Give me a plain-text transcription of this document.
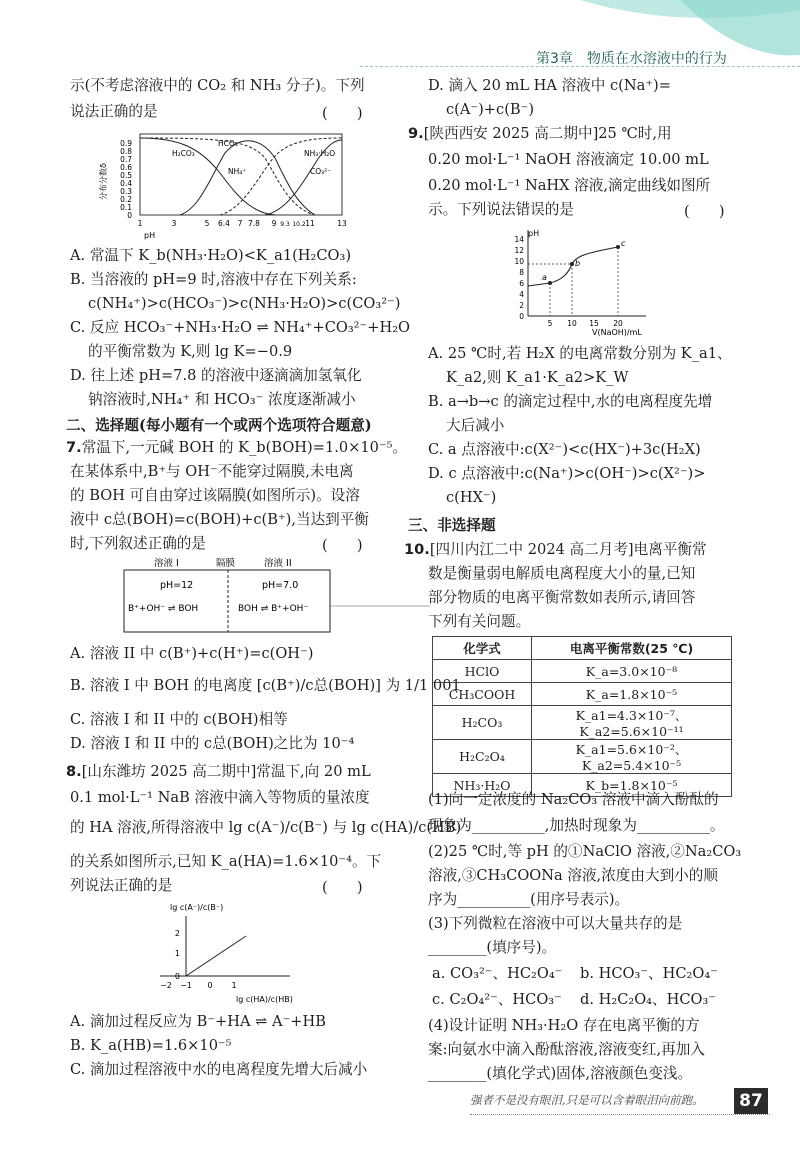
第3章　物质在水溶液中的行为
示(不考虑溶液中的 CO₂ 和 NH₃ 分子)。下列
说法正确的是	(　　)
分布分数δ
0
0.1
0.2
0.3
0.4
0.5
0.6
0.7
0.8
0.9
H₂CO₃
HCO₃⁻
NH₄⁺
NH₃·H₂O
CO₃²⁻
1	3	5 6.4 7 7.8 9 9.3 10.2 11	13
pH
A. 常温下 K_b(NH₃·H₂O)<K_a1(H₂CO₃)
B. 当溶液的 pH=9 时,溶液中存在下列关系:
c(NH₄⁺)>c(HCO₃⁻)>c(NH₃·H₂O)>c(CO₃²⁻)
C. 反应 HCO₃⁻+NH₃·H₂O ⇌ NH₄⁺+CO₃²⁻+H₂O
的平衡常数为 K,则 lg K=−0.9
D. 往上述 pH=7.8 的溶液中逐滴滴加氢氧化
钠溶液时,NH₄⁺ 和 HCO₃⁻ 浓度逐渐减小
二、选择题(每小题有一个或两个选项符合题意)
7.常温下,一元碱 BOH 的 K_b(BOH)=1.0×10⁻⁵。
在某体系中,B⁺与 OH⁻不能穿过隔膜,未电离
的 BOH 可自由穿过该隔膜(如图所示)。设溶
液中 c总(BOH)=c(BOH)+c(B⁺),当达到平衡
时,下列叙述正确的是	(　　)
溶液 I	隔膜	溶液 II
pH=12	pH=7.0
B⁺+OH⁻ ⇌ BOH	BOH ⇌ B⁺+OH⁻
A. 溶液 II 中 c(B⁺)+c(H⁺)=c(OH⁻)
B. 溶液 I 中 BOH 的电离度 [c(B⁺)/c总(BOH)] 为 1/1 001
C. 溶液 I 和 II 中的 c(BOH)相等
D. 溶液 I 和 II 中的 c总(BOH)之比为 10⁻⁴
8.[山东潍坊 2025 高二期中]常温下,向 20 mL
0.1 mol·L⁻¹ NaB 溶液中滴入等物质的量浓度
的 HA 溶液,所得溶液中 lg c(A⁻)/c(B⁻) 与 lg c(HA)/c(HB)
的关系如图所示,已知 K_a(HA)=1.6×10⁻⁴。下
列说法正确的是	(　　)
lg c(A⁻)/c(B⁻)
0
1
2
−2 −1 0 1
lg c(HA)/c(HB)
A. 滴加过程反应为 B⁻+HA ⇌ A⁻+HB
B. K_a(HB)=1.6×10⁻⁵
C. 滴加过程溶液中水的电离程度先增大后减小
D. 滴入 20 mL HA 溶液中 c(Na⁺)=
c(A⁻)+c(B⁻)
9.[陕西西安 2025 高二期中]25 ℃时,用
0.20 mol·L⁻¹ NaOH 溶液滴定 10.00 mL
0.20 mol·L⁻¹ NaHX 溶液,滴定曲线如图所
示。下列说法错误的是	(　　)
pH
0
2
4
6
8
10
12
14
5 10 15 20
a
b
c
V(NaOH)/mL
A. 25 ℃时,若 H₂X 的电离常数分别为 K_a1、
K_a2,则 K_a1·K_a2>K_W
B. a→b→c 的滴定过程中,水的电离程度先增
大后减小
C. a 点溶液中:c(X²⁻)<c(HX⁻)+3c(H₂X)
D. c 点溶液中:c(Na⁺)>c(OH⁻)>c(X²⁻)>
c(HX⁻)
三、非选择题
10.[四川内江二中 2024 高二月考]电离平衡常
数是衡量弱电解质电离程度大小的量,已知
部分物质的电离平衡常数如表所示,请回答
下列有关问题。
化学式	电离平衡常数(25 ℃)
HClO	K_a=3.0×10⁻⁸
CH₃COOH	K_a=1.8×10⁻⁵
H₂CO₃	K_a1=4.3×10⁻⁷、K_a2=5.6×10⁻¹¹
H₂C₂O₄	K_a1=5.6×10⁻²、K_a2=5.4×10⁻⁵
NH₃·H₂O	K_b=1.8×10⁻⁵
(1)向一定浓度的 Na₂CO₃ 溶液中滴入酚酞的
现象为__________,加热时现象为__________。
(2)25 ℃时,等 pH 的①NaClO 溶液,②Na₂CO₃
溶液,③CH₃COONa 溶液,浓度由大到小的顺
序为__________(用序号表示)。
(3)下列微粒在溶液中可以大量共存的是
________(填序号)。
a. CO₃²⁻、HC₂O₄⁻ b. HCO₃⁻、HC₂O₄⁻
c. C₂O₄²⁻、HCO₃⁻ d. H₂C₂O₄、HCO₃⁻
(4)设计证明 NH₃·H₂O 存在电离平衡的方
案:向氨水中滴入酚酞溶液,溶液变红,再加入
________(填化学式)固体,溶液颜色变浅。
强者不是没有眼泪,只是可以含着眼泪向前跑。	87
